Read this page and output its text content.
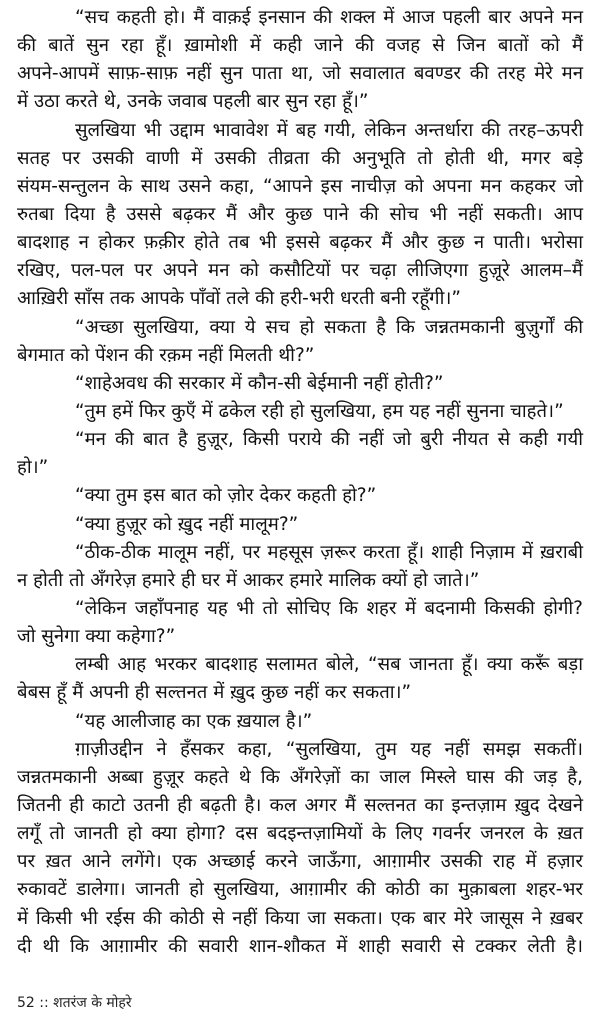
“सच कहती हो। मैं वाक़ई इनसान की शक्ल में आज पहली बार अपने मन
की बातें सुन रहा हूँ। ख़ामोशी में कही जाने की वजह से जिन बातों को मैं
अपने-आपमें साफ़-साफ़ नहीं सुन पाता था, जो सवालात बवण्डर की तरह मेरे मन
में उठा करते थे, उनके जवाब पहली बार सुन रहा हूँ।”
सुलखिया भी उद्दाम भावावेश में बह गयी, लेकिन अन्तर्धारा की तरह–ऊपरी
सतह पर उसकी वाणी में उसकी तीव्रता की अनुभूति तो होती थी, मगर बड़े
संयम-सन्तुलन के साथ उसने कहा, “आपने इस नाचीज़ को अपना मन कहकर जो
रुतबा दिया है उससे बढ़कर मैं और कुछ पाने की सोच भी नहीं सकती। आप
बादशाह न होकर फ़क़ीर होते तब भी इससे बढ़कर मैं और कुछ न पाती। भरोसा
रखिए, पल-पल पर अपने मन को कसौटियों पर चढ़ा लीजिएगा हुज़ूरे आलम–मैं
आख़िरी साँस तक आपके पाँवों तले की हरी-भरी धरती बनी रहूँगी।”
“अच्छा सुलखिया, क्या ये सच हो सकता है कि जन्नतमकानी बुज़ुर्गों की
बेगमात को पेंशन की रक़म नहीं मिलती थी?”
“शाहेअवध की सरकार में कौन-सी बेईमानी नहीं होती?”
“तुम हमें फिर कुएँ में ढकेल रही हो सुलखिया, हम यह नहीं सुनना चाहते।”
“मन की बात है हुज़ूर, किसी पराये की नहीं जो बुरी नीयत से कही गयी
हो।”
“क्या तुम इस बात को ज़ोर देकर कहती हो?”
“क्या हुज़ूर को ख़ुद नहीं मालूम?”
“ठीक-ठीक मालूम नहीं, पर महसूस ज़रूर करता हूँ। शाही निज़ाम में ख़राबी
न होती तो अँगरेज़ हमारे ही घर में आकर हमारे मालिक क्यों हो जाते।”
“लेकिन जहाँपनाह यह भी तो सोचिए कि शहर में बदनामी किसकी होगी?
जो सुनेगा क्या कहेगा?”
लम्बी आह भरकर बादशाह सलामत बोले, “सब जानता हूँ। क्या करूँ बड़ा
बेबस हूँ मैं अपनी ही सल्तनत में ख़ुद कुछ नहीं कर सकता।”
“यह आलीजाह का एक ख़याल है।”
ग़ाज़ीउद्दीन ने हँसकर कहा, “सुलखिया, तुम यह नहीं समझ सकतीं।
जन्नतमकानी अब्बा हुज़ूर कहते थे कि अँगरेज़ों का जाल मिस्ले घास की जड़ है,
जितनी ही काटो उतनी ही बढ़ती है। कल अगर मैं सल्तनत का इन्तज़ाम ख़ुद देखने
लगूँ तो जानती हो क्या होगा? दस बदइन्तज़ामियों के लिए गवर्नर जनरल के ख़त
पर ख़त आने लगेंगे। एक अच्छाई करने जाऊँगा, आग़ामीर उसकी राह में हज़ार
रुकावटें डालेगा। जानती हो सुलखिया, आग़ामीर की कोठी का मुक़ाबला शहर-भर
में किसी भी रईस की कोठी से नहीं किया जा सकता। एक बार मेरे जासूस ने ख़बर
दी थी कि आग़ामीर की सवारी शान-शौकत में शाही सवारी से टक्कर लेती है।
52 :: शतरंज के मोहरे
